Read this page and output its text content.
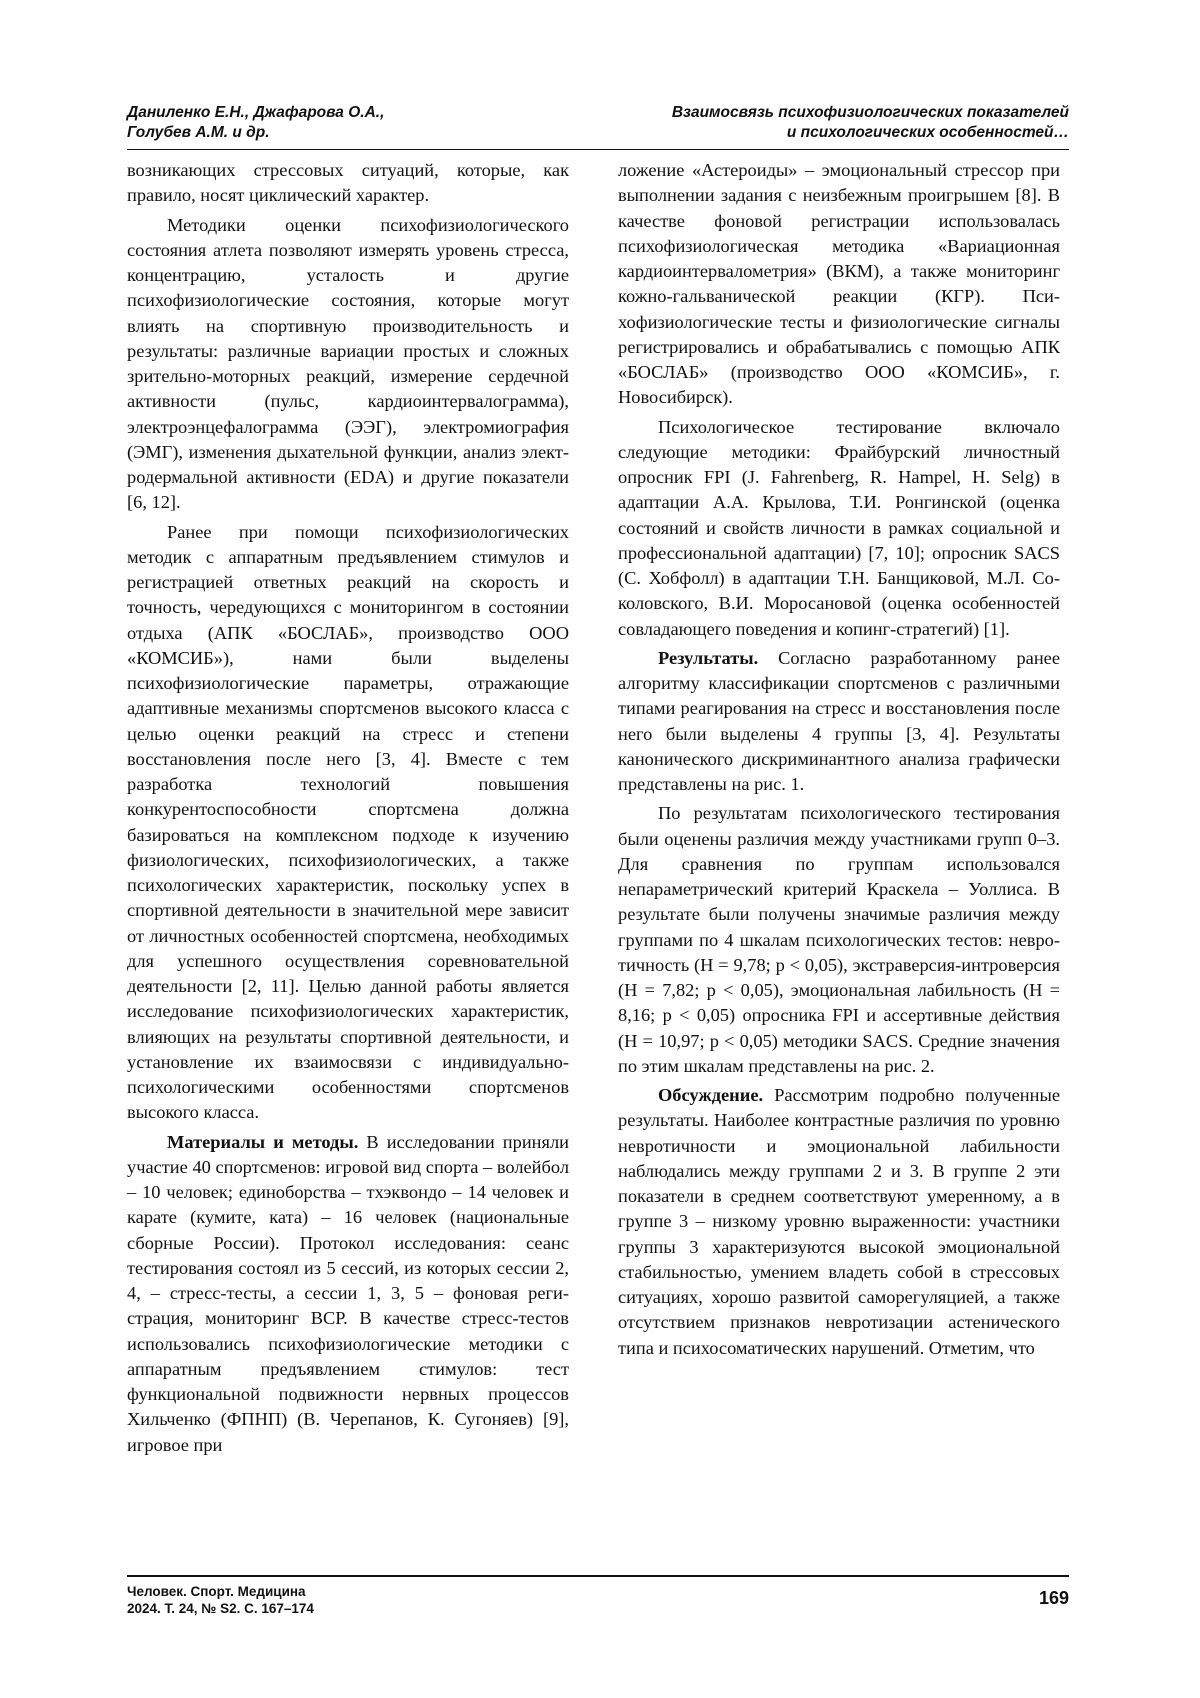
Даниленко Е.Н., Джафарова О.А.,
Голубев А.М. и др.
Взаимосвязь психофизиологических показателей
и психологических особенностей…

возникающих стрессовых ситуаций, которые, как правило, носят циклический характер.

Методики оценки психофизиологического состояния атлета позволяют измерять уровень стресса, концентрацию, усталость и другие психофизиологические состояния, которые могут влиять на спортивную производительность и результаты: различные вариации простых и сложных зрительно-моторных реакций, измерение сердечной активности (пульс, кардиоинтервалограмма), электроэнцефалограмма (ЭЭГ), электромиография (ЭМГ), изменения дыхательной функции, анализ электродермальной активности (EDA) и другие показатели [6, 12].

Ранее при помощи психофизиологических методик с аппаратным предъявлением стимулов и регистрацией ответных реакций на скорость и точность, чередующихся с мониторингом в состоянии отдыха (АПК «БОСЛАБ», производство ООО «КОМСИБ»), нами были выделены психофизиологические параметры, отражающие адаптивные механизмы спортсменов высокого класса с целью оценки реакций на стресс и степени восстановления после него [3, 4]. Вместе с тем разработка технологий повышения конкурентоспособности спортсмена должна базироваться на комплексном подходе к изучению физиологических, психофизиологических, а также психологических характеристик, поскольку успех в спортивной деятельности в значительной мере зависит от личностных особенностей спортсмена, необходимых для успешного осуществления соревновательной деятельности [2, 11]. Целью данной работы является исследование психофизиологических характеристик, влияющих на результаты спортивной деятельности, и установление их взаимосвязи с индивидуально-психологическими особенностями спортсменов высокого класса.

Материалы и методы. В исследовании приняли участие 40 спортсменов: игровой вид спорта – волейбол – 10 человек; единоборства – тхэквондо – 14 человек и карате (кумите, ката) – 16 человек (национальные сборные России). Протокол исследования: сеанс тестирования состоял из 5 сессий, из которых сессии 2, 4, – стресс-тесты, а сессии 1, 3, 5 – фоновая регистрация, мониторинг ВСР. В качестве стресс-тестов использовались психофизиологические методики с аппаратным предъявлением стимулов: тест функциональной подвижности нервных процессов Хильченко (ФПНП) (В. Черепанов, К. Сугоняев) [9], игровое при

ложение «Астероиды» – эмоциональный стрессор при выполнении задания с неизбежным проигрышем [8]. В качестве фоновой регистрации использовалась психофизиологическая методика «Вариационная кардиоинтервалометрия» (ВКМ), а также мониторинг кожно-гальванической реакции (КГР). Психофизиологические тесты и физиологические сигналы регистрировались и обрабатывались с помощью АПК «БОСЛАБ» (производство ООО «КОМСИБ», г. Новосибирск).

Психологическое тестирование включало следующие методики: Фрайбурский личностный опросник FPI (J. Fahrenberg, R. Hampel, H. Selg) в адаптации А.А. Крылова, Т.И. Ронгинской (оценка состояний и свойств личности в рамках социальной и профессиональной адаптации) [7, 10]; опросник SACS (С. Хобфолл) в адаптации Т.Н. Банщиковой, М.Л. Соколовского, В.И. Моросановой (оценка особенностей совладающего поведения и копинг-стратегий) [1].

Результаты. Согласно разработанному ранее алгоритму классификации спортсменов с различными типами реагирования на стресс и восстановления после него были выделены 4 группы [3, 4]. Результаты канонического дискриминантного анализа графически представлены на рис. 1.

По результатам психологического тестирования были оценены различия между участниками групп 0–3. Для сравнения по группам использовался непараметрический критерий Краскела – Уоллиса. В результате были получены значимые различия между группами по 4 шкалам психологических тестов: невротичность (H = 9,78; p < 0,05), экстраверсия-интроверсия (H = 7,82; p < 0,05), эмоциональная лабильность (H = 8,16; p < 0,05) опросника FPI и ассертивные действия (H = 10,97; p < 0,05) методики SACS. Средние значения по этим шкалам представлены на рис. 2.

Обсуждение. Рассмотрим подробно полученные результаты. Наиболее контрастные различия по уровню невротичности и эмоциональной лабильности наблюдались между группами 2 и 3. В группе 2 эти показатели в среднем соответствуют умеренному, а в группе 3 – низкому уровню выраженности: участники группы 3 характеризуются высокой эмоциональной стабильностью, умением владеть собой в стрессовых ситуациях, хорошо развитой саморегуляцией, а также отсутствием признаков невротизации астенического типа и психосоматических нарушений. Отметим, что

Человек. Спорт. Медицина
2024. Т. 24, № S2. С. 167–174
169
